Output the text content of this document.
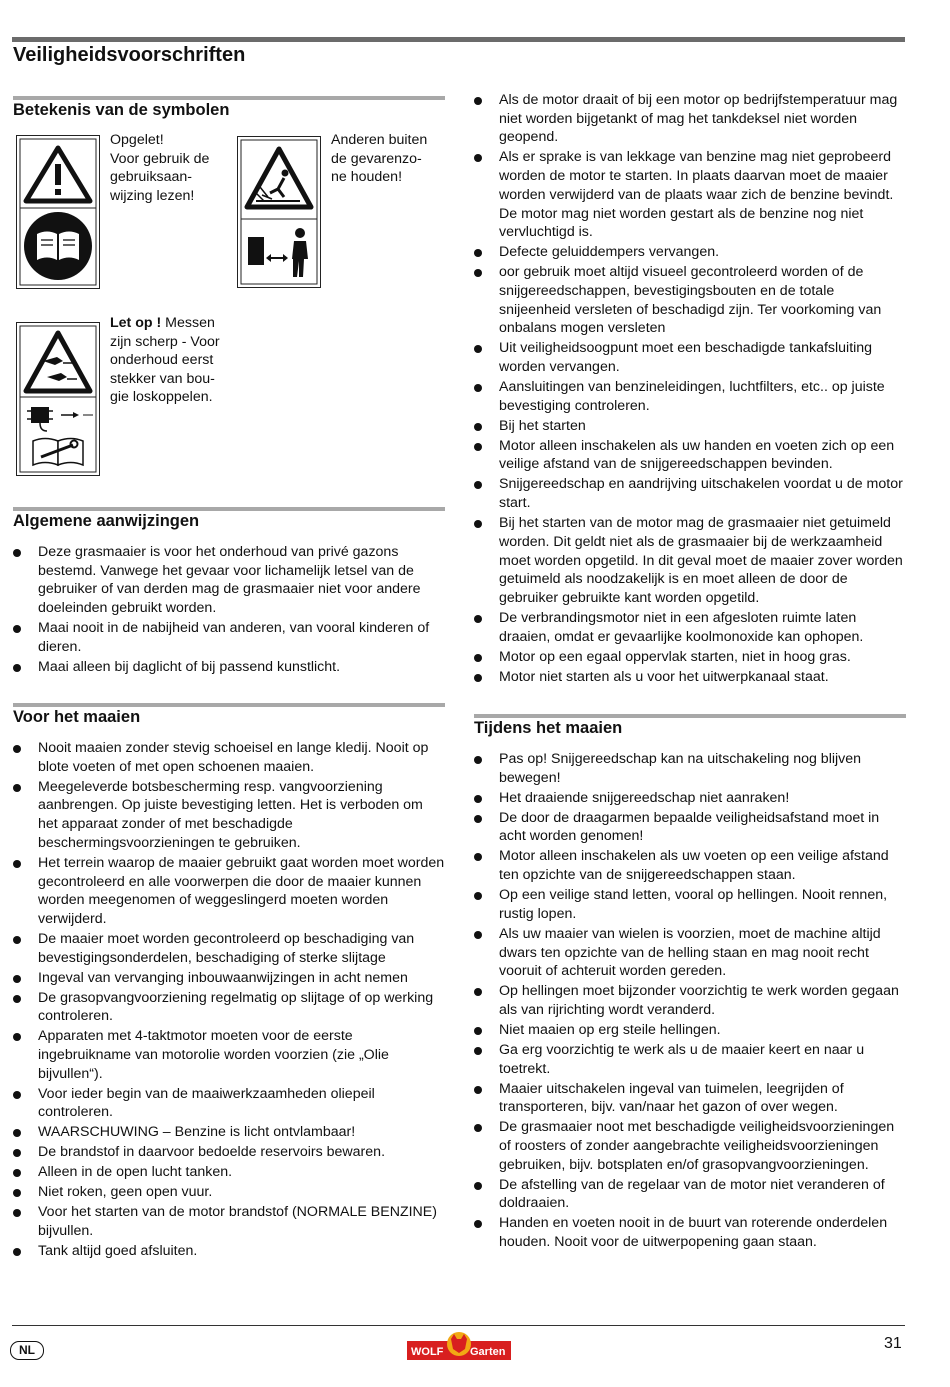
Veiligheidsvoorschriften
Betekenis van de symbolen
Opgelet!
Voor gebruik de
gebruiksaan-
wijzing lezen!
Anderen buiten
de gevarenzo-
ne houden!
Let op ! Messen
zijn scherp - Voor
onderhoud eerst
stekker van bou-
gie loskoppelen.
Algemene aanwijzingen
Deze grasmaaier is voor het onderhoud van privé gazons bestemd. Vanwege het gevaar voor lichamelijk letsel van de gebruiker of van derden mag de grasmaaier niet voor andere doeleinden gebruikt worden.
Maai nooit in de nabijheid van anderen, van vooral kinderen of dieren.
Maai alleen bij daglicht of bij passend kunstlicht.
Voor het maaien
Nooit maaien zonder stevig schoeisel en lange kledij. Nooit op blote voeten of met open schoenen maaien.
Meegeleverde botsbescherming resp. vangvoorziening aanbrengen. Op juiste bevestiging letten. Het is verboden om het apparaat zonder of met beschadigde beschermingsvoorzieningen te gebruiken.
Het terrein waarop de maaier gebruikt gaat worden moet worden gecontroleerd en alle voorwerpen die door de maaier kunnen worden meegenomen of weggeslingerd moeten worden verwijderd.
De maaier moet worden gecontroleerd op beschadiging van bevestigingsonderdelen, beschadiging of sterke slijtage
Ingeval van vervanging inbouwaanwijzingen in acht nemen
De grasopvangvoorziening regelmatig op slijtage of op werking controleren.
Apparaten met 4-taktmotor moeten voor de eerste ingebruikname van motorolie worden voorzien (zie „Olie bijvullen“).
Voor ieder begin van de maaiwerkzaamheden oliepeil controleren.
WAARSCHUWING – Benzine is licht ontvlambaar!
De brandstof in daarvoor bedoelde reservoirs bewaren.
Alleen in de open lucht tanken.
Niet roken, geen open vuur.
Voor het starten van de motor brandstof (NORMALE BENZINE) bijvullen.
Tank altijd goed afsluiten.
Als de motor draait of bij een motor op bedrijfstemperatuur mag niet worden bijgetankt of mag het tankdeksel niet worden geopend.
Als er sprake is van lekkage van benzine mag niet geprobeerd worden de motor te starten. In plaats daarvan moet de maaier worden verwijderd van de plaats waar zich de benzine bevindt. De motor mag niet worden gestart als de benzine nog niet vervluchtigd is.
Defecte geluiddempers vervangen.
oor gebruik moet altijd visueel gecontroleerd worden of de snijgereedschappen, bevestigingsbouten en de totale snijeenheid versleten of beschadigd zijn. Ter voorkoming van onbalans mogen versleten
Uit veiligheidsoogpunt moet een beschadigde tankafsluiting worden vervangen.
Aansluitingen van benzineleidingen, luchtfilters, etc.. op juiste bevestiging controleren.
Bij het starten
Motor alleen inschakelen als uw handen en voeten zich op een veilige afstand van de snijgereedschappen bevinden.
Snijgereedschap en aandrijving uitschakelen voordat u de motor start.
Bij het starten van de motor mag de grasmaaier niet getuimeld worden. Dit geldt niet als de grasmaaier bij de werkzaamheid moet worden opgetild. In dit geval moet de maaier zover worden getuimeld als noodzakelijk is en moet alleen de door de gebruiker gebruikte kant worden opgetild.
De verbrandingsmotor niet in een afgesloten ruimte laten draaien, omdat er gevaarlijke koolmonoxide kan ophopen.
Motor op een egaal oppervlak starten, niet in hoog gras.
Motor niet starten als u voor het uitwerpkanaal staat.
Tijdens het maaien
Pas op! Snijgereedschap kan na uitschakeling nog blijven bewegen!
Het draaiende snijgereedschap niet aanraken!
De door de draagarmen bepaalde veiligheidsafstand moet in acht worden genomen!
Motor alleen inschakelen als uw voeten op een veilige afstand ten opzichte van de snijgereedschappen staan.
Op een veilige stand letten, vooral op hellingen. Nooit rennen, rustig lopen.
Als uw maaier van wielen is voorzien, moet de machine altijd dwars ten opzichte van de helling staan en mag nooit recht vooruit of achteruit worden gereden.
Op hellingen moet bijzonder voorzichtig te werk worden gegaan als van rijrichting wordt veranderd.
Niet maaien op erg steile hellingen.
Ga erg voorzichtig te werk als u de maaier keert en naar u toetrekt.
Maaier uitschakelen ingeval van tuimelen, leegrijden of transporteren, bijv. van/naar het gazon of over wegen.
De grasmaaier noot met beschadigde veiligheidsvoorzieningen of roosters of zonder aangebrachte veiligheidsvoorzieningen gebruiken, bijv. botsplaten en/of grasopvangvoorzieningen.
De afstelling van de regelaar van de motor niet veranderen of doldraaien.
Handen en voeten nooit in de buurt van roterende onderdelen houden. Nooit voor de uitwerpopening gaan staan.
NL	WOLF Garten	31
